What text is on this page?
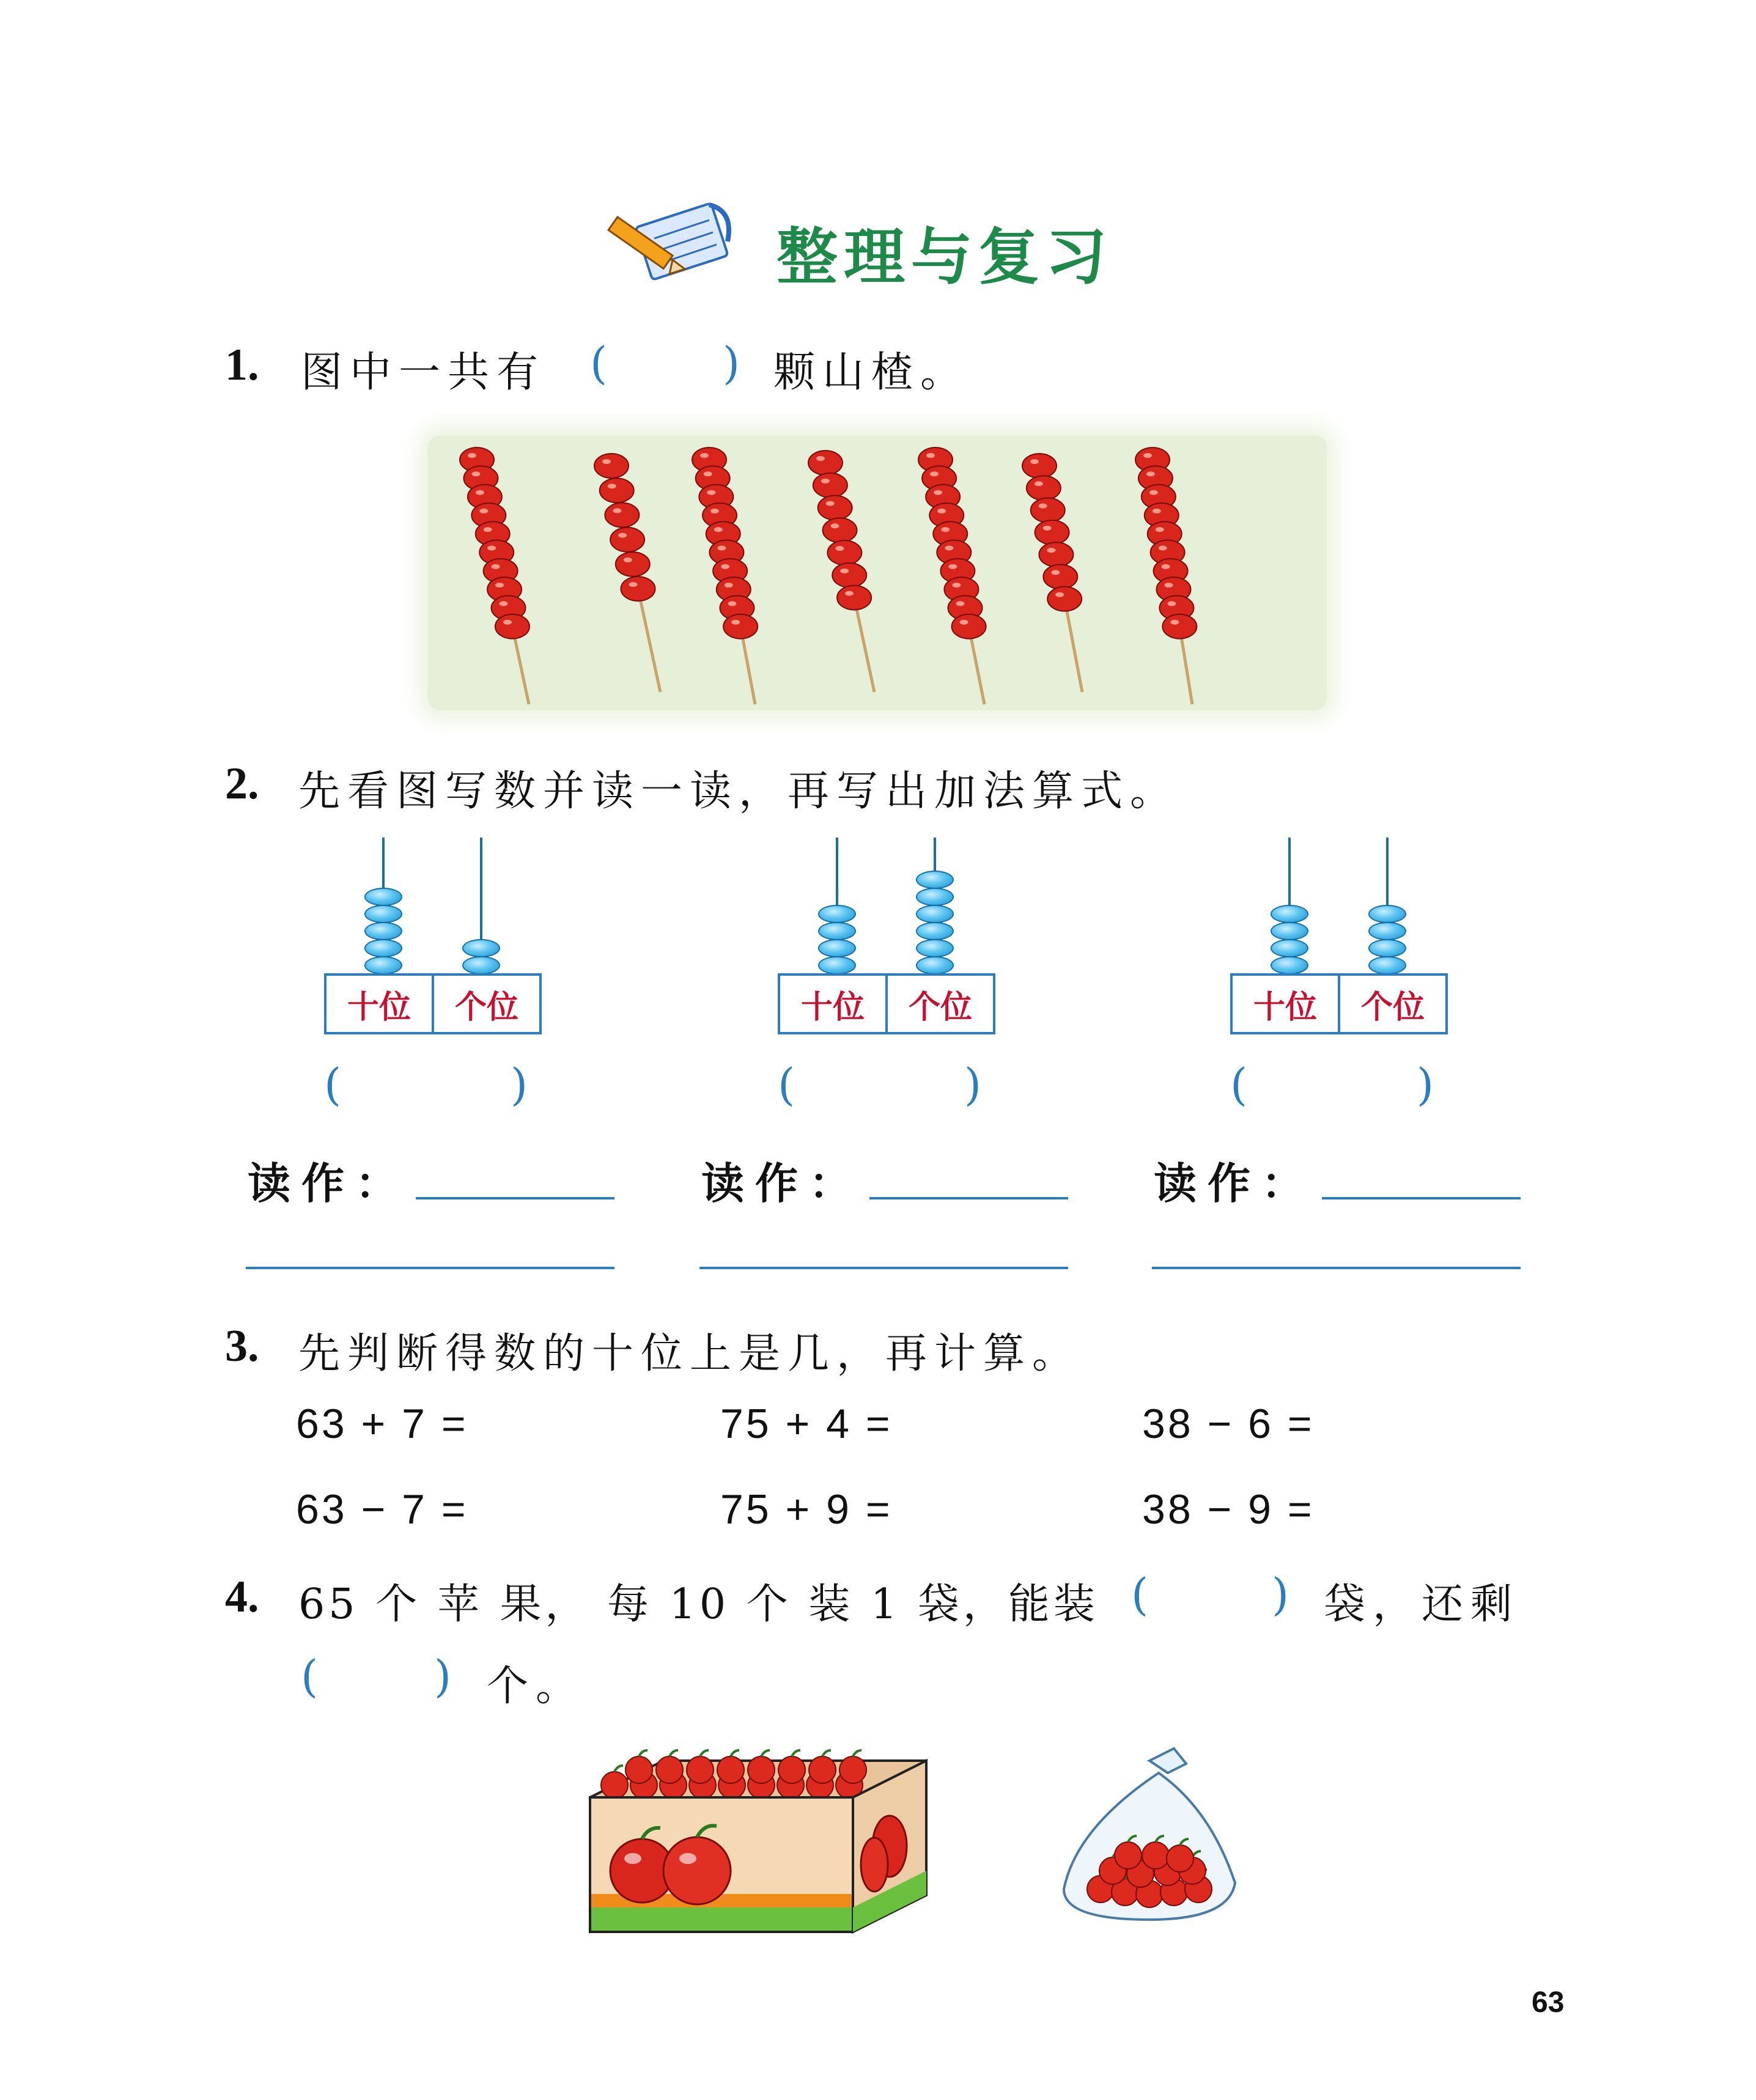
整理与复习
1. 图中一共有 (	) 颗山楂。
2. 先看图写数并读一读，再写出加法算式。
十位	个位
(	)
读作：
十位	个位
(	)
读作：
十位	个位
(	)
读作：
3. 先判断得数的十位上是几，再计算。
63 + 7 =	75 + 4 =	38 − 6 =
63 − 7 =	75 + 9 =	38 − 9 =
4. 65 个 苹 果， 每 10 个 装 1 袋，能装 (	) 袋，还剩
(	) 个。
63
